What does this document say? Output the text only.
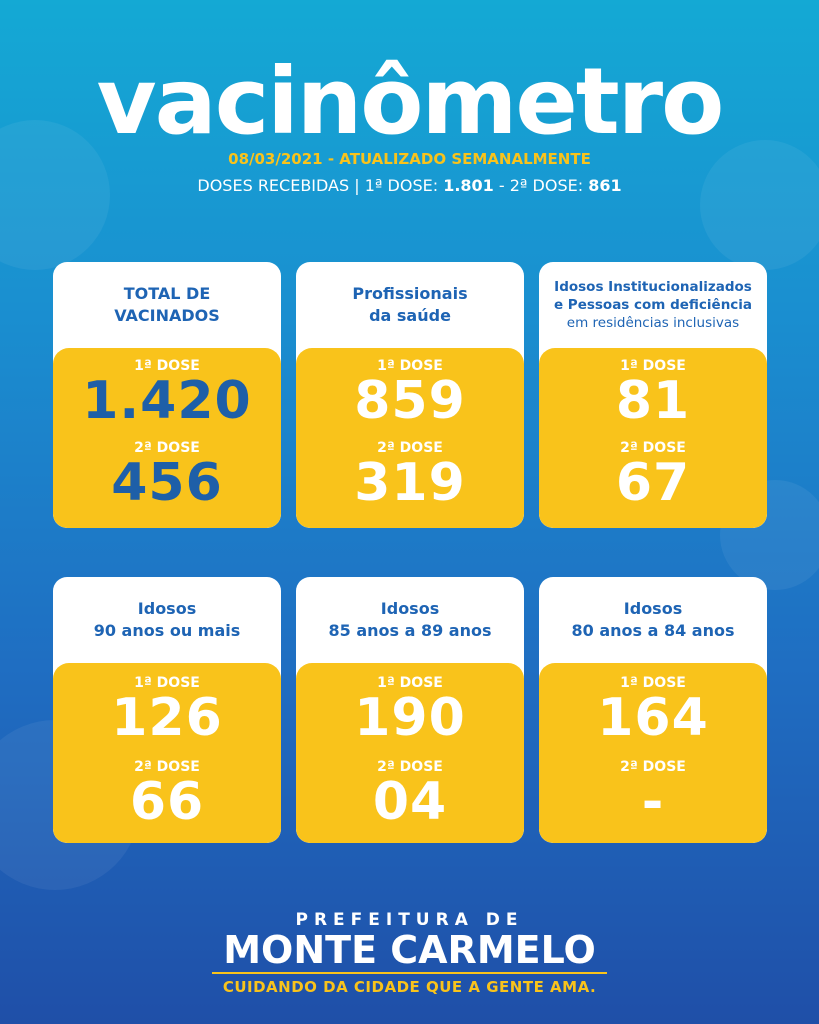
vacinômetro
08/03/2021 - ATUALIZADO SEMANALMENTE
DOSES RECEBIDAS | 1ª DOSE: 1.801 - 2ª DOSE: 861
TOTAL DE
VACINADOS
1ª DOSE
1.420
2ª DOSE
456
Profissionais
da saúde
1ª DOSE
859
2ª DOSE
319
Idosos Institucionalizados
e Pessoas com deficiência
em residências inclusivas
1ª DOSE
81
2ª DOSE
67
Idosos
90 anos ou mais
1ª DOSE
126
2ª DOSE
66
Idosos
85 anos a 89 anos
1ª DOSE
190
2ª DOSE
04
Idosos
80 anos a 84 anos
1ª DOSE
164
2ª DOSE
-
PREFEITURA DE
MONTE CARMELO
CUIDANDO DA CIDADE QUE A GENTE AMA.
